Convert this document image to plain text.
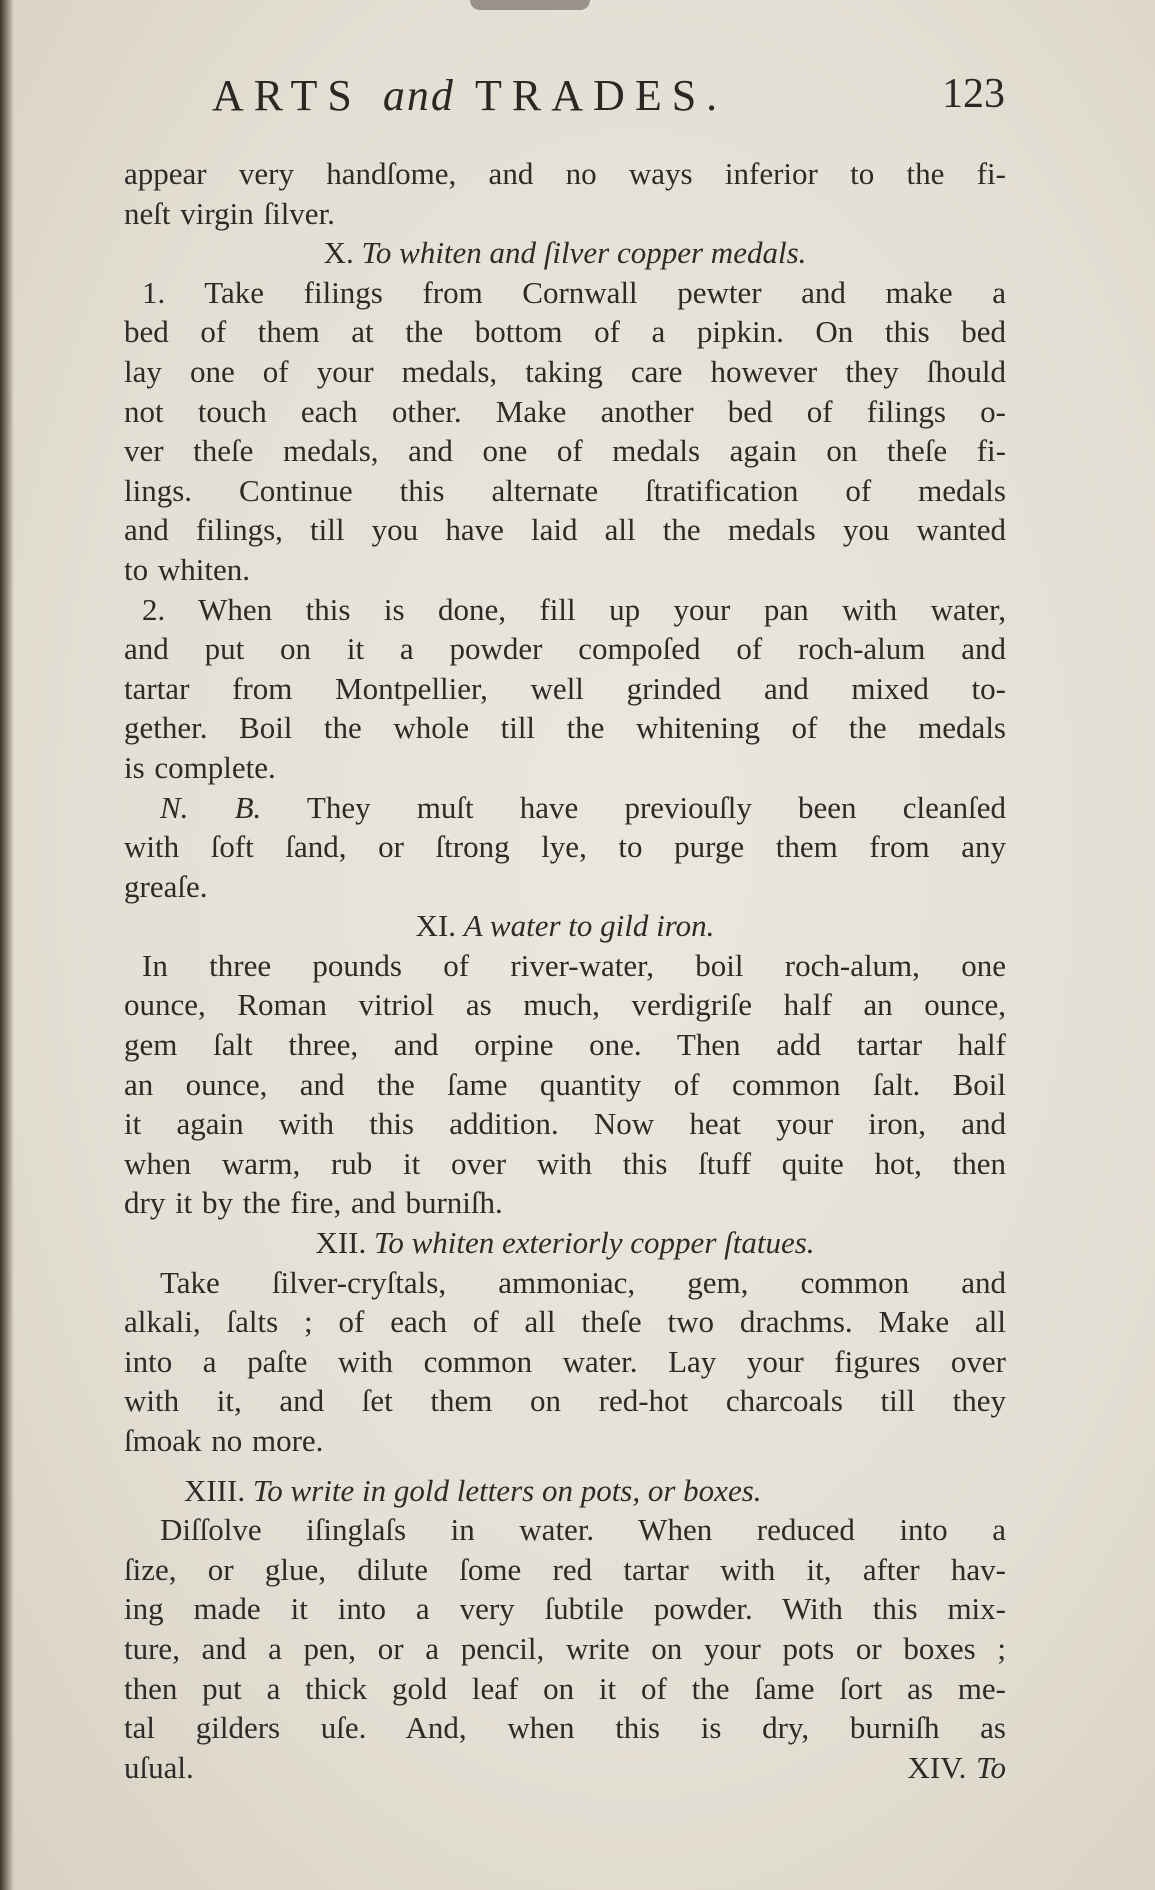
ARTS and TRADES.	123
appear very handſome, and no ways inferior to the fi-
neſt virgin ſilver.
X. To whiten and ſilver copper medals.
1. Take filings from Cornwall pewter and make a
bed of them at the bottom of a pipkin. On this bed
lay one of your medals, taking care however they ſhould
not touch each other. Make another bed of filings o-
ver theſe medals, and one of medals again on theſe fi-
lings. Continue this alternate ſtratification of medals
and filings, till you have laid all the medals you wanted
to whiten.
2. When this is done, fill up your pan with water,
and put on it a powder compoſed of roch-alum and
tartar from Montpellier, well grinded and mixed to-
gether. Boil the whole till the whitening of the medals
is complete.
N. B. They muſt have previouſly been cleanſed
with ſoft ſand, or ſtrong lye, to purge them from any
greaſe.
XI. A water to gild iron.
In three pounds of river-water, boil roch-alum, one
ounce, Roman vitriol as much, verdigriſe half an ounce,
gem ſalt three, and orpine one. Then add tartar half
an ounce, and the ſame quantity of common ſalt. Boil
it again with this addition. Now heat your iron, and
when warm, rub it over with this ſtuff quite hot, then
dry it by the fire, and burniſh.
XII. To whiten exteriorly copper ſtatues.
Take ſilver-cryſtals, ammoniac, gem, common and
alkali, ſalts ; of each of all theſe two drachms. Make all
into a paſte with common water. Lay your figures over
with it, and ſet them on red-hot charcoals till they
ſmoak no more.
XIII. To write in gold letters on pots, or boxes.
Diſſolve iſinglaſs in water. When reduced into a
ſize, or glue, dilute ſome red tartar with it, after hav-
ing made it into a very ſubtile powder. With this mix-
ture, and a pen, or a pencil, write on your pots or boxes ;
then put a thick gold leaf on it of the ſame ſort as me-
tal gilders uſe. And, when this is dry, burniſh as
uſual.	XIV. To
